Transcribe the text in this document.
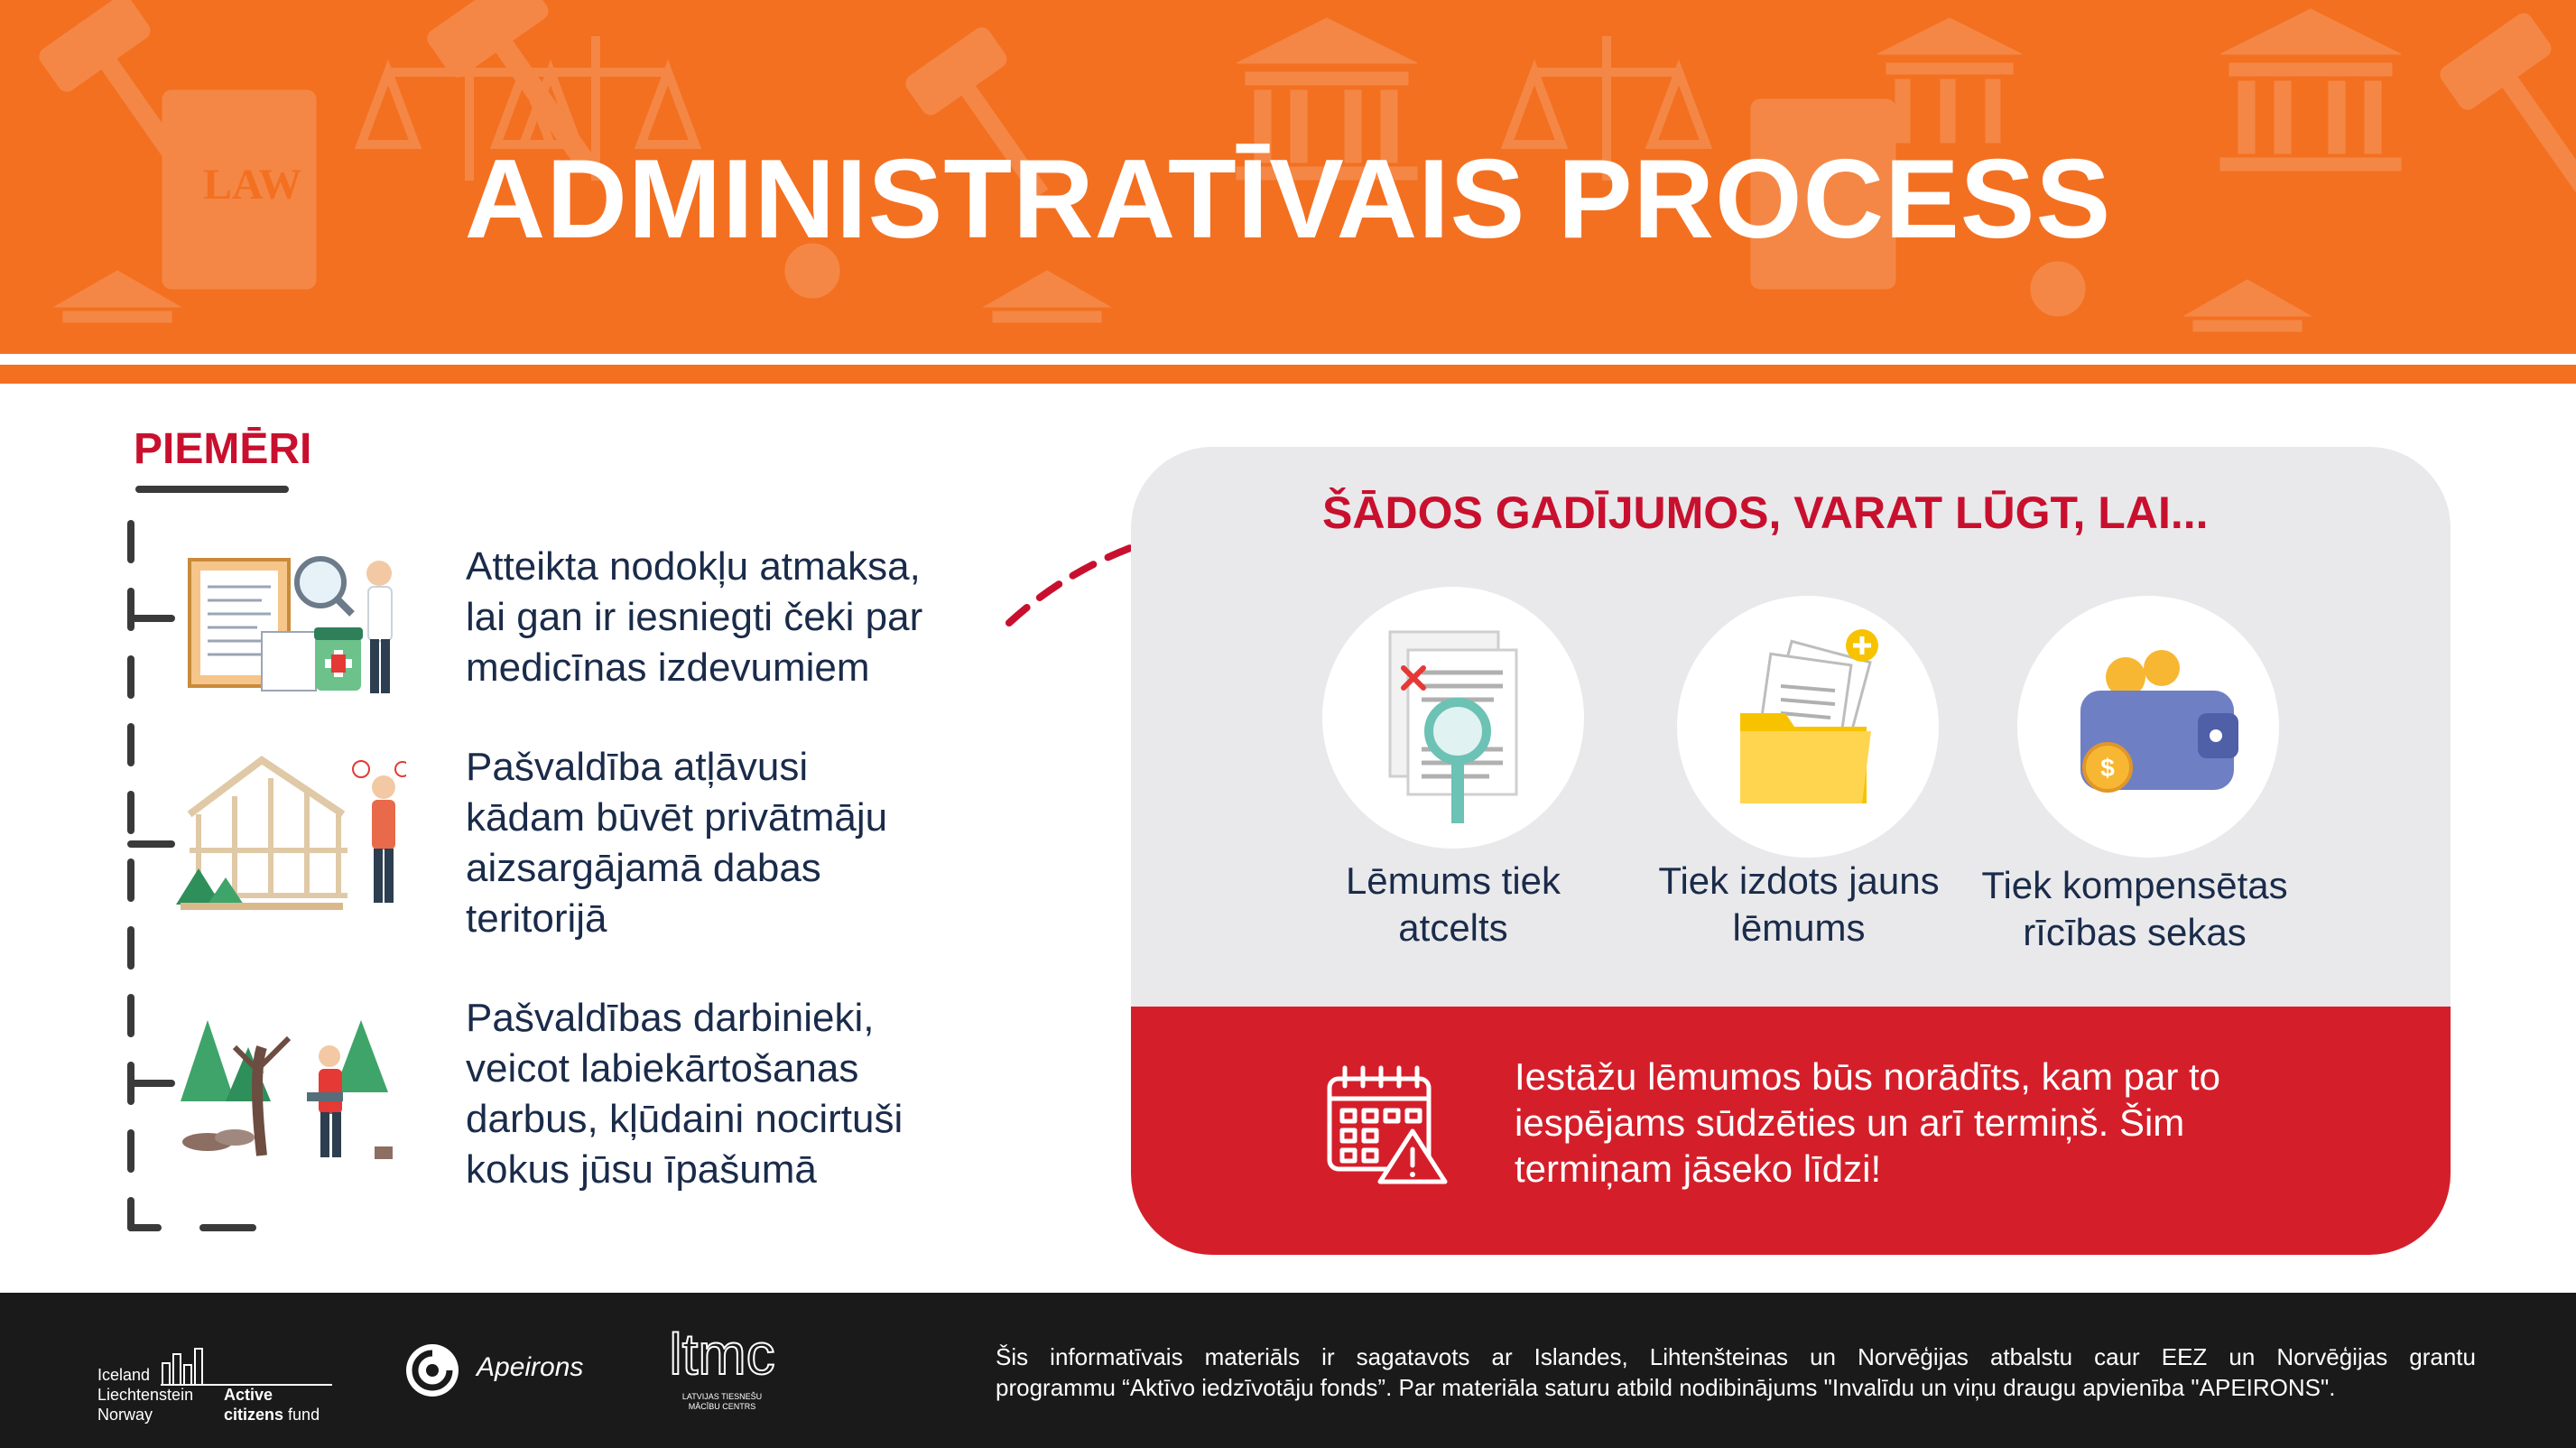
LAW	ADMINISTRATĪVAIS PROCESS
PIEMĒRI
Atteikta nodokļu atmaksa,
lai gan ir iesniegti čeki par
medicīnas izdevumiem
Pašvaldība atļāvusi
kādam būvēt privātmāju
aizsargājamā dabas
teritorijā
Pašvaldības darbinieki,
veicot labiekārtošanas
darbus, kļūdaini nocirtuši
kokus jūsu īpašumā
ŠĀDOS GADĪJUMOS, VARAT LŪGT, LAI...
Lēmums tiek
atcelts
Tiek izdots jauns
lēmums
$
Tiek kompensētas
rīcības sekas
Iestāžu lēmumos būs norādīts, kam par to
iespējams sūdzēties un arī termiņš. Šim
termiņam jāseko līdzi!
Iceland
Liechtenstein
Norway
Active
citizens fund
Apeirons ltmc
LATVIJAS TIESNEŠU
MĀCĪBU CENTRS
Šis informatīvais materiāls ir sagatavots ar Islandes, Lihtenšteinas un Norvēģijas atbalstu caur EEZ un Norvēģijas grantu
programmu “Aktīvo iedzīvotāju fonds”. Par materiāla saturu atbild nodibinājums "Invalīdu un viņu draugu apvienība "APEIRONS".
